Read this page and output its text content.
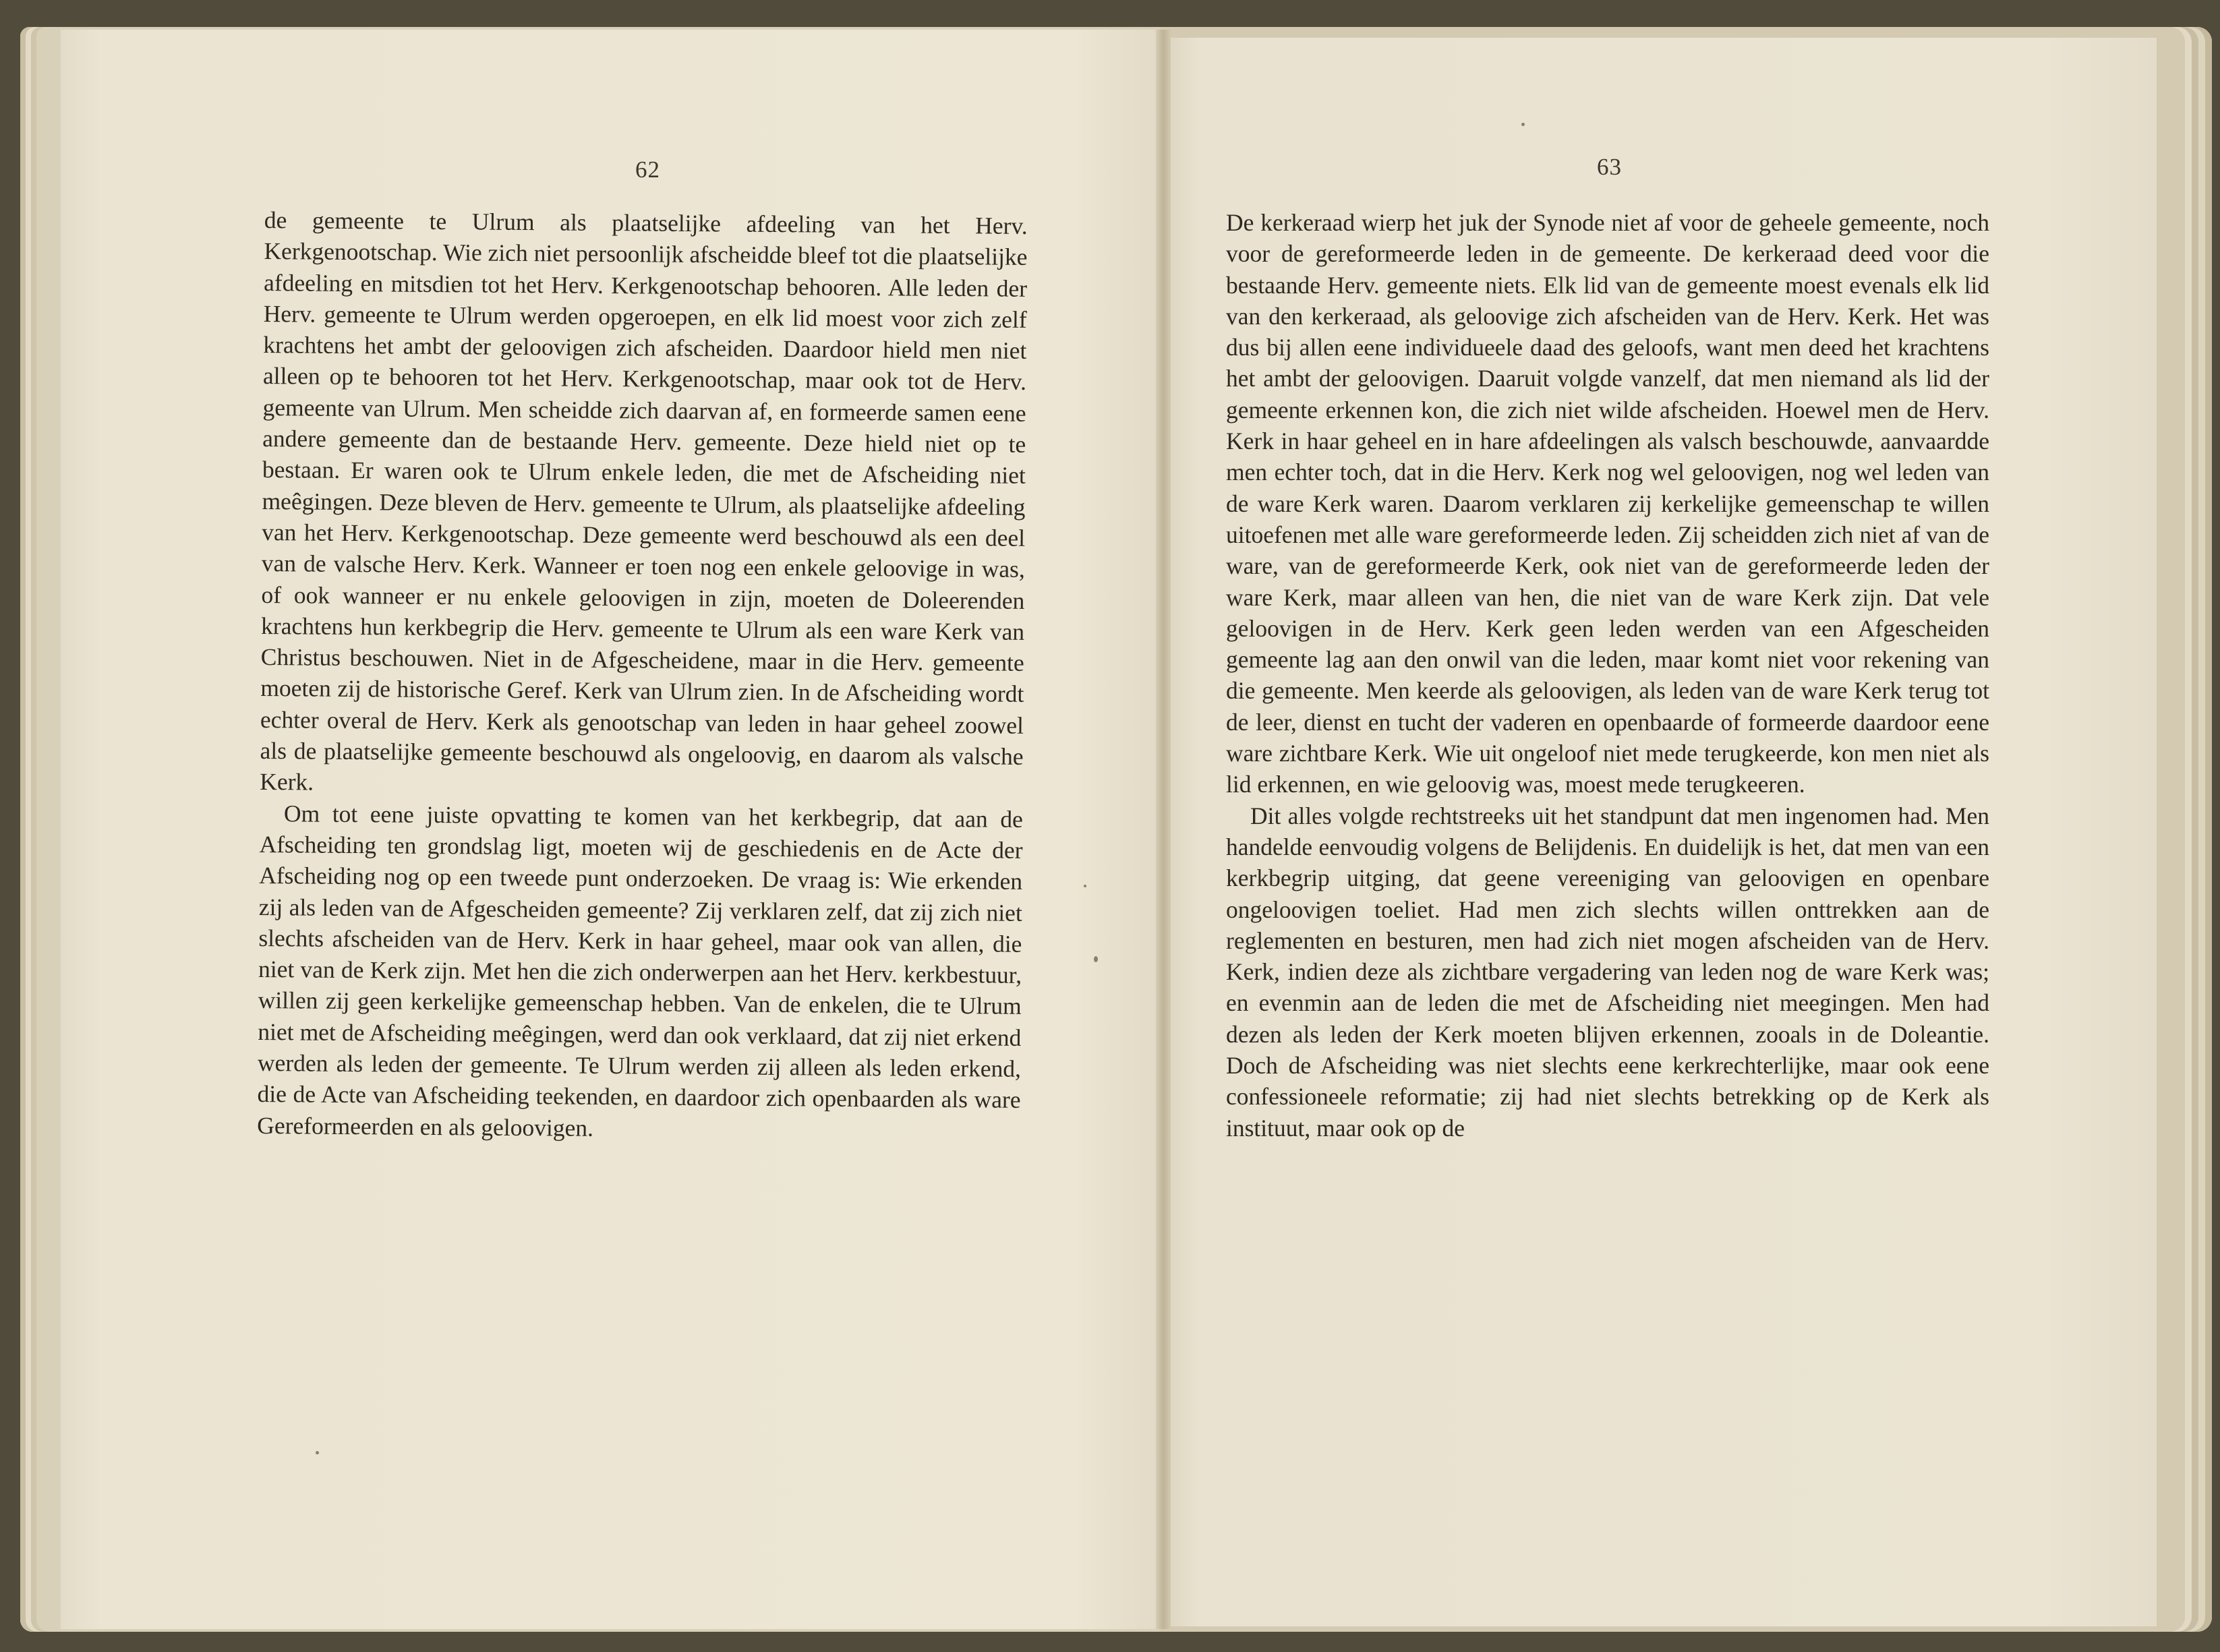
62	63

de gemeente te Ulrum als plaatselijke afdeeling van het Herv. Kerkgenootschap. Wie zich niet persoonlijk afscheidde bleef tot die plaatselijke afdeeling en mitsdien tot het Herv. Kerkgenootschap behooren. Alle leden der Herv. gemeente te Ulrum werden opgeroepen, en elk lid moest voor zich zelf krachtens het ambt der geloovigen zich afscheiden. Daardoor hield men niet alleen op te behooren tot het Herv. Kerkgenootschap, maar ook tot de Herv. gemeente van Ulrum. Men scheidde zich daarvan af, en formeerde samen eene andere gemeente dan de bestaande Herv. gemeente. Deze hield niet op te bestaan. Er waren ook te Ulrum enkele leden, die met de Afscheiding niet meêgingen. Deze bleven de Herv. gemeente te Ulrum, als plaatselijke afdeeling van het Herv. Kerkgenootschap. Deze gemeente werd beschouwd als een deel van de valsche Herv. Kerk. Wanneer er toen nog een enkele geloovige in was, of ook wanneer er nu enkele geloovigen in zijn, moeten de Doleerenden krachtens hun kerkbegrip die Herv. gemeente te Ulrum als een ware Kerk van Christus beschouwen. Niet in de Afgescheidene, maar in die Herv. gemeente moeten zij de historische Geref. Kerk van Ulrum zien. In de Afscheiding wordt echter overal de Herv. Kerk als genootschap van leden in haar geheel zoowel als de plaatselijke gemeente beschouwd als ongeloovig, en daarom als valsche Kerk.

Om tot eene juiste opvatting te komen van het kerkbegrip, dat aan de Afscheiding ten grondslag ligt, moeten wij de geschiedenis en de Acte der Afscheiding nog op een tweede punt onderzoeken. De vraag is: Wie erkenden zij als leden van de Afgescheiden gemeente? Zij verklaren zelf, dat zij zich niet slechts afscheiden van de Herv. Kerk in haar geheel, maar ook van allen, die niet van de Kerk zijn. Met hen die zich onderwerpen aan het Herv. kerkbestuur, willen zij geen kerkelijke gemeenschap hebben. Van de enkelen, die te Ulrum niet met de Afscheiding meêgingen, werd dan ook verklaard, dat zij niet erkend werden als leden der gemeente. Te Ulrum werden zij alleen als leden erkend, die de Acte van Afscheiding teekenden, en daardoor zich openbaarden als ware Gereformeerden en als geloovigen.

De kerkeraad wierp het juk der Synode niet af voor de geheele gemeente, noch voor de gereformeerde leden in de gemeente. De kerkeraad deed voor die bestaande Herv. gemeente niets. Elk lid van de gemeente moest evenals elk lid van den kerkeraad, als geloovige zich afscheiden van de Herv. Kerk. Het was dus bij allen eene individueele daad des geloofs, want men deed het krachtens het ambt der geloovigen. Daaruit volgde vanzelf, dat men niemand als lid der gemeente erkennen kon, die zich niet wilde afscheiden. Hoewel men de Herv. Kerk in haar geheel en in hare afdeelingen als valsch beschouwde, aanvaardde men echter toch, dat in die Herv. Kerk nog wel geloovigen, nog wel leden van de ware Kerk waren. Daarom verklaren zij kerkelijke gemeenschap te willen uitoefenen met alle ware gereformeerde leden. Zij scheidden zich niet af van de ware, van de gereformeerde Kerk, ook niet van de gereformeerde leden der ware Kerk, maar alleen van hen, die niet van de ware Kerk zijn. Dat vele geloovigen in de Herv. Kerk geen leden werden van een Afgescheiden gemeente lag aan den onwil van die leden, maar komt niet voor rekening van die gemeente. Men keerde als geloovigen, als leden van de ware Kerk terug tot de leer, dienst en tucht der vaderen en openbaarde of formeerde daardoor eene ware zichtbare Kerk. Wie uit ongeloof niet mede terugkeerde, kon men niet als lid erkennen, en wie geloovig was, moest mede terugkeeren.

Dit alles volgde rechtstreeks uit het standpunt dat men ingenomen had. Men handelde eenvoudig volgens de Belijdenis. En duidelijk is het, dat men van een kerkbegrip uitging, dat geene vereeniging van geloovigen en openbare ongeloovigen toeliet. Had men zich slechts willen onttrekken aan de reglementen en besturen, men had zich niet mogen afscheiden van de Herv. Kerk, indien deze als zichtbare vergadering van leden nog de ware Kerk was; en evenmin aan de leden die met de Afscheiding niet meegingen. Men had dezen als leden der Kerk moeten blijven erkennen, zooals in de Doleantie. Doch de Afscheiding was niet slechts eene kerkrechterlijke, maar ook eene confessioneele reformatie; zij had niet slechts betrekking op de Kerk als instituut, maar ook op de
